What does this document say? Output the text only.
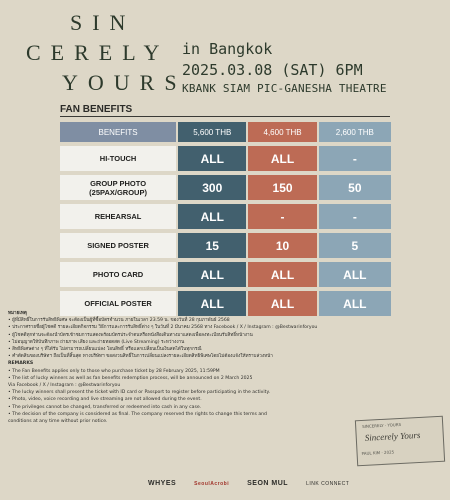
SIN
CERELY
YOURS
in Bangkok
2025.03.08 (SAT) 6PM
KBANK SIAM PIC-GANESHA THEATRE
FAN BENEFITS
BENEFITS		5,600 THB		4,600 THB		2,600 THB
HI-TOUCH		ALL		ALL		-
GROUP PHOTO
(25PAX/GROUP)		300		150		50
REHEARSAL		ALL		-		-
SIGNED POSTER		15		10		5
PHOTO CARD		ALL		ALL		ALL
OFFICIAL POSTER		ALL		ALL		ALL

หมายเหตุ

• ผู้ที่มีสิทธิ์ในการรับสิทธิพิเศษ จะต้องเป็นผู้ที่ซื้อบัตรจำนวน ภายในเวลา 23.59 น. ของวันที่ 28 กุมภาพันธ์ 2568

• ประกาศรายชื่อผู้โชคดี รายละเอียดกิจกรรม วิธีการและการรับสิทธิ์ต่าง ๆ ในวันที่ 2 มีนาคม 2568 ทาง Facebook / X / Instagram : @Bestwarinforyou

• ผู้โชคดีทุกท่านจะต้องนำบัตรเข้าชมการแสดงพร้อมบัตรประจำตนหรือหนังสือเดินทางมาแสดงเพื่อลงทะเบียนรับสิทธิ์หน้างาน

• ไม่อนุญาตให้บันทึกภาพ ถ่ายภาพ เสียง และถ่ายทอดสด (Live Streaming) ระหว่างงาน

• สิทธิพิเศษต่าง ๆ ที่ได้รับ ไม่สามารถเปลี่ยนแปลง โอนสิทธิ์ หรือแลกเปลี่ยนเป็นเงินสดได้ในทุกกรณี

• คำตัดสินของบริษัทฯ ถือเป็นที่สิ้นสุด ทางบริษัทฯ ขอสงวนสิทธิ์ในการเปลี่ยนแปลงรายละเอียดสิทธิพิเศษโดยไม่ต้องแจ้งให้ทราบล่วงหน้า

REMARKS

• The Fan Benefits applies only to those who purchase ticket by 28 February 2025, 11:59PM

• The list of lucky winners as well as fan benefits redemption process, will be announced on 2 March 2025

Via Facebook / X / Instagram : @Bestwarinforyou

• The lucky winners shall present the ticket with ID card or Passport to register before participating in the activity.

• Photo, video, voice recording and live streaming are not allowed during the event.

• The privileges cannot be changed, transferred or redeemed into cash in any case.

• The decision of the company is considered as final. The company reserved the rights to change this terms and

conditions at any time without prior notice.

SINCERELY · YOURS
Sincerely Yours
PAUL KIM · 2025
WHYES	SeoulAcrobi	SEON MUL	LINK CONNECT
